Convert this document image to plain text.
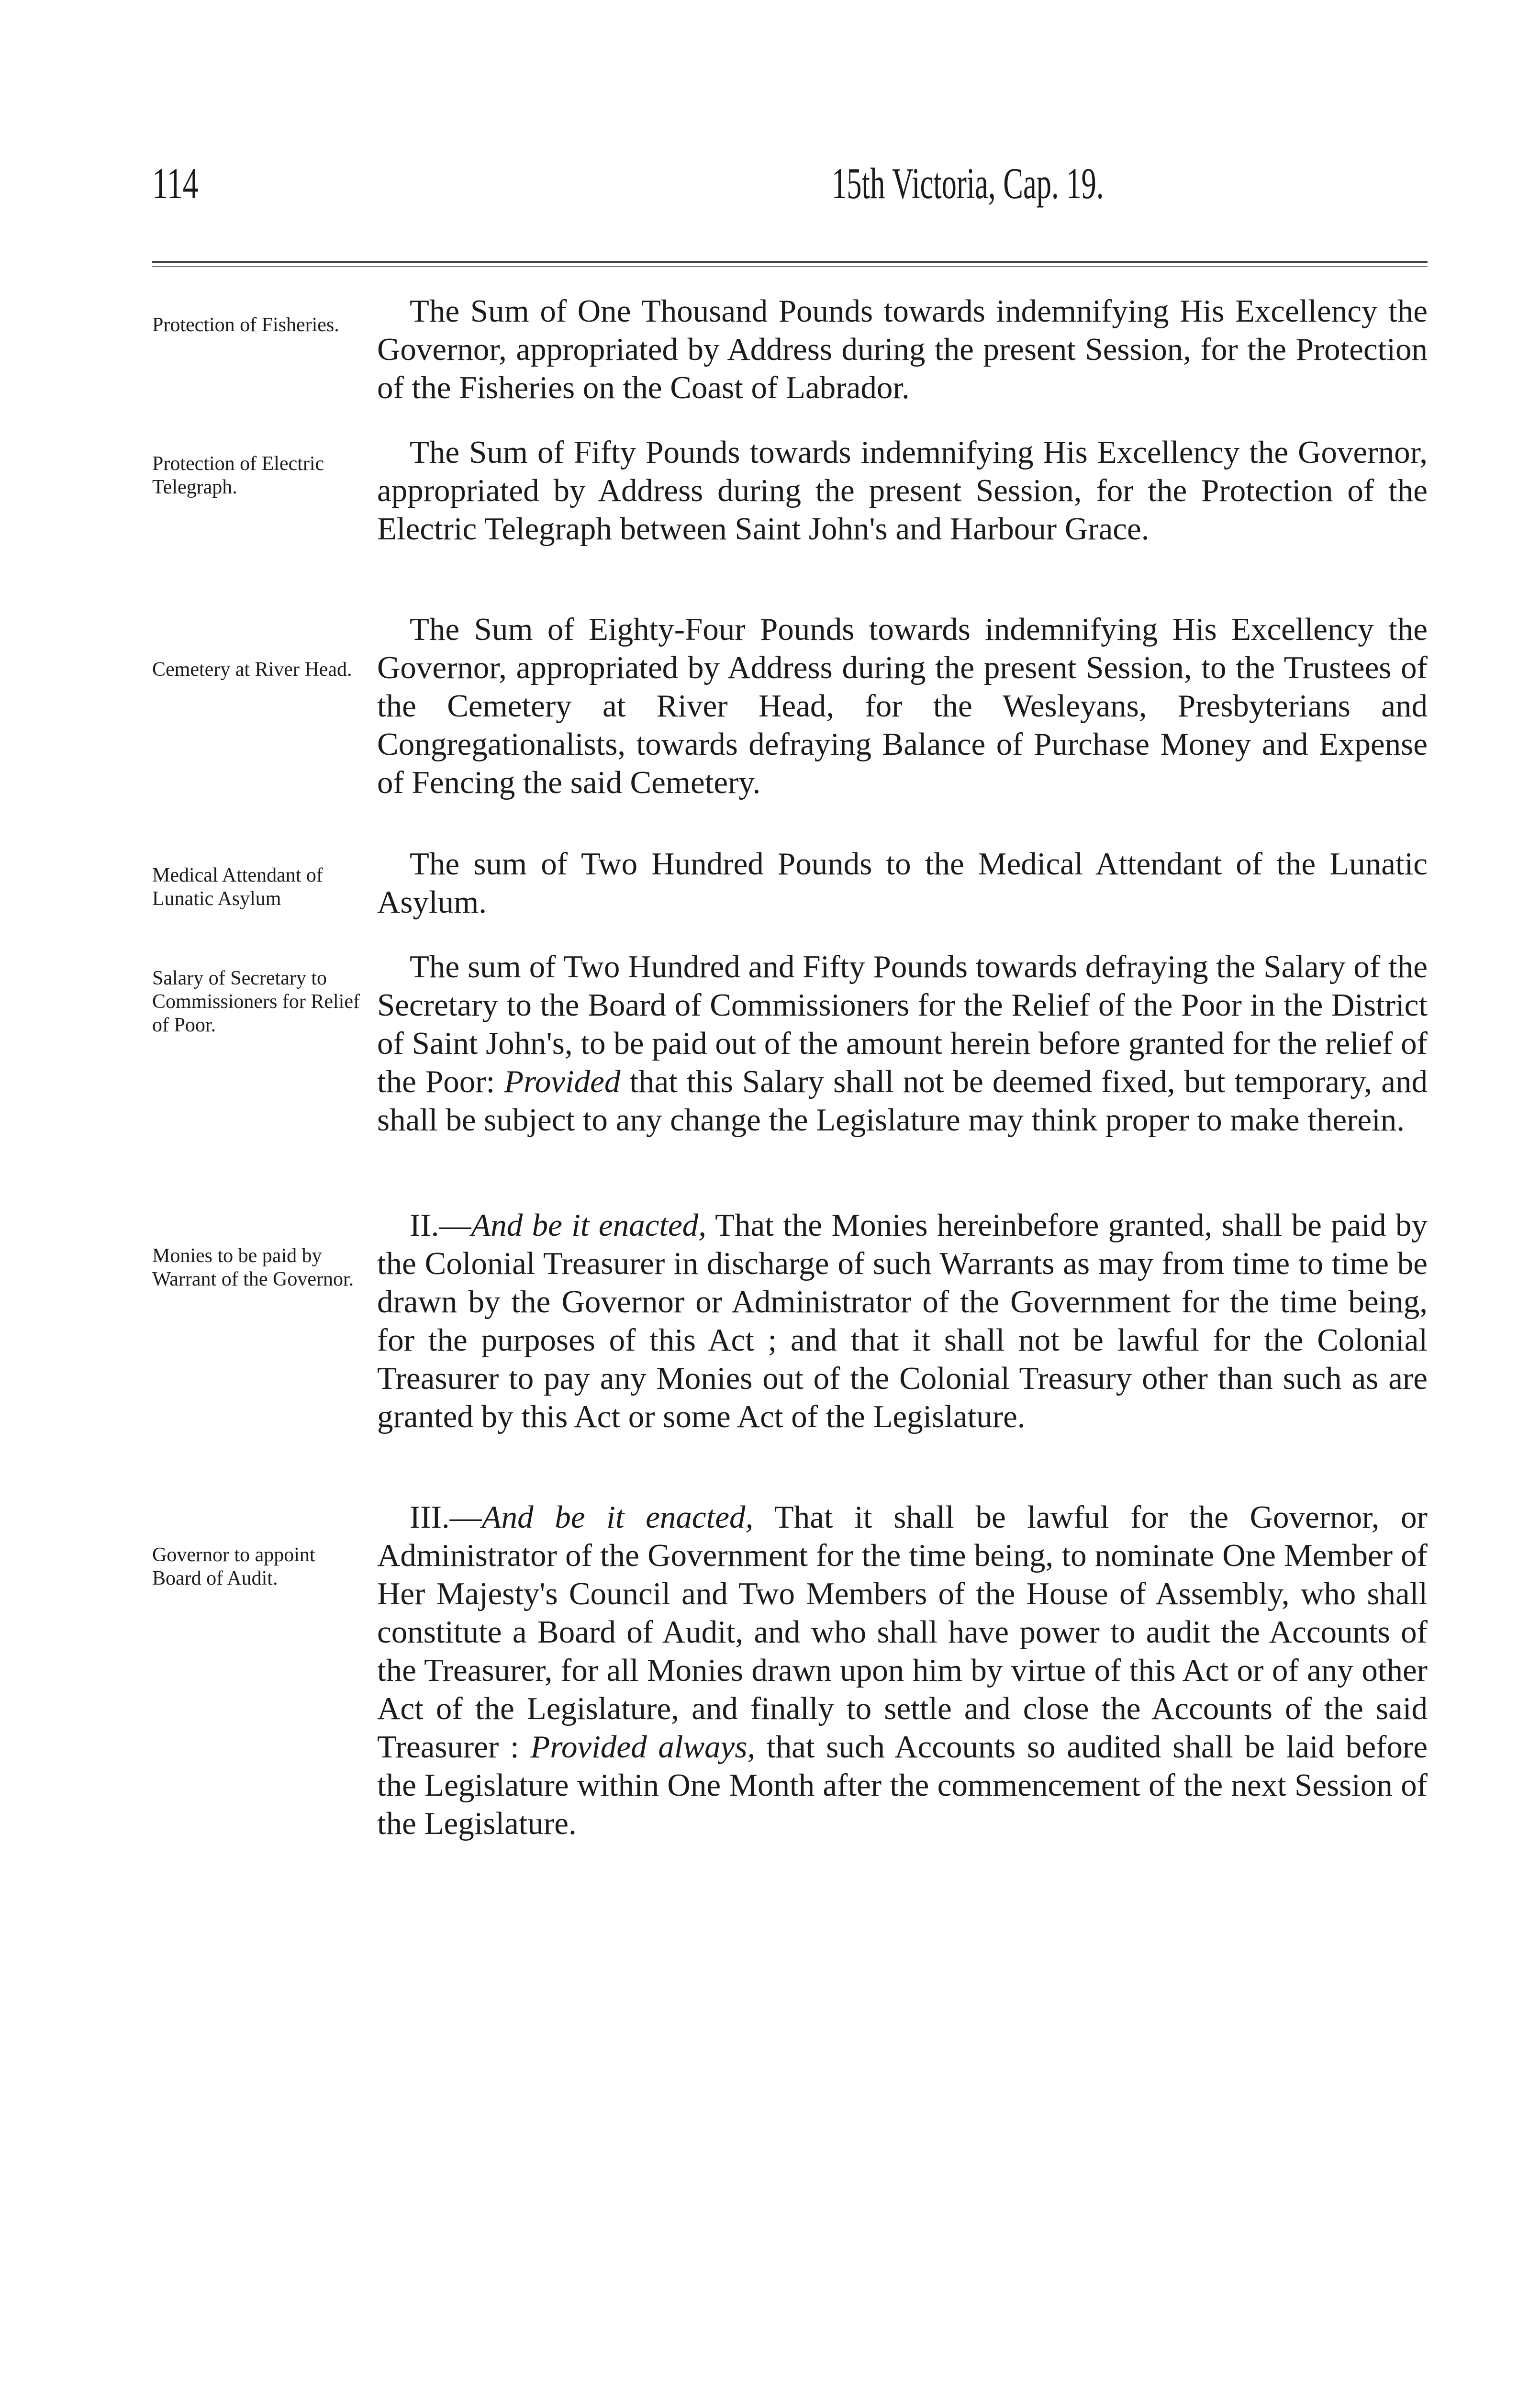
114	15th Victoria, Cap. 19.
Protection of Fisheries.	The Sum of One Thousand Pounds towards indemnifying His Excellency the Governor, appropriated by Address during the present Session, for the Protection of the Fisheries on the Coast of Labrador.
Protection of Electric Telegraph.
The Sum of Fifty Pounds towards indemnifying His Excellency the Governor, appropriated by Address during the present Session, for the Protection of the Electric Telegraph between Saint John's and Harbour Grace.
Cemetery at River Head.
The Sum of Eighty-Four Pounds towards indemnifying His Excellency the Governor, appropriated by Address during the present Session, to the Trustees of the Cemetery at River Head, for the Wesleyans, Presbyterians and Congregationalists, towards defraying Balance of Purchase Money and Expense of Fencing the said Cemetery.
Medical Attendant of Lunatic Asylum
The sum of Two Hundred Pounds to the Medical Attendant of the Lunatic Asylum.
Salary of Secretary to Commissioners for Relief of Poor.
The sum of Two Hundred and Fifty Pounds towards defraying the Salary of the Secretary to the Board of Commissioners for the Relief of the Poor in the District of Saint John's, to be paid out of the amount herein before granted for the relief of the Poor: Provided that this Salary shall not be deemed fixed, but temporary, and shall be subject to any change the Legislature may think proper to make therein.
Monies to be paid by Warrant of the Governor.
II.—And be it enacted, That the Monies hereinbefore granted, shall be paid by the Colonial Treasurer in discharge of such Warrants as may from time to time be drawn by the Governor or Administrator of the Government for the time being, for the purposes of this Act ; and that it shall not be lawful for the Colonial Treasurer to pay any Monies out of the Colonial Treasury other than such as are granted by this Act or some Act of the Legislature.
Governor to appoint Board of Audit.
III.—And be it enacted, That it shall be lawful for the Governor, or Administrator of the Government for the time being, to nominate One Member of Her Majesty's Council and Two Members of the House of Assembly, who shall constitute a Board of Audit, and who shall have power to audit the Accounts of the Treasurer, for all Monies drawn upon him by virtue of this Act or of any other Act of the Legislature, and finally to settle and close the Accounts of the said Treasurer : Provided always, that such Accounts so audited shall be laid before the Legislature within One Month after the commencement of the next Session of the Legislature.
